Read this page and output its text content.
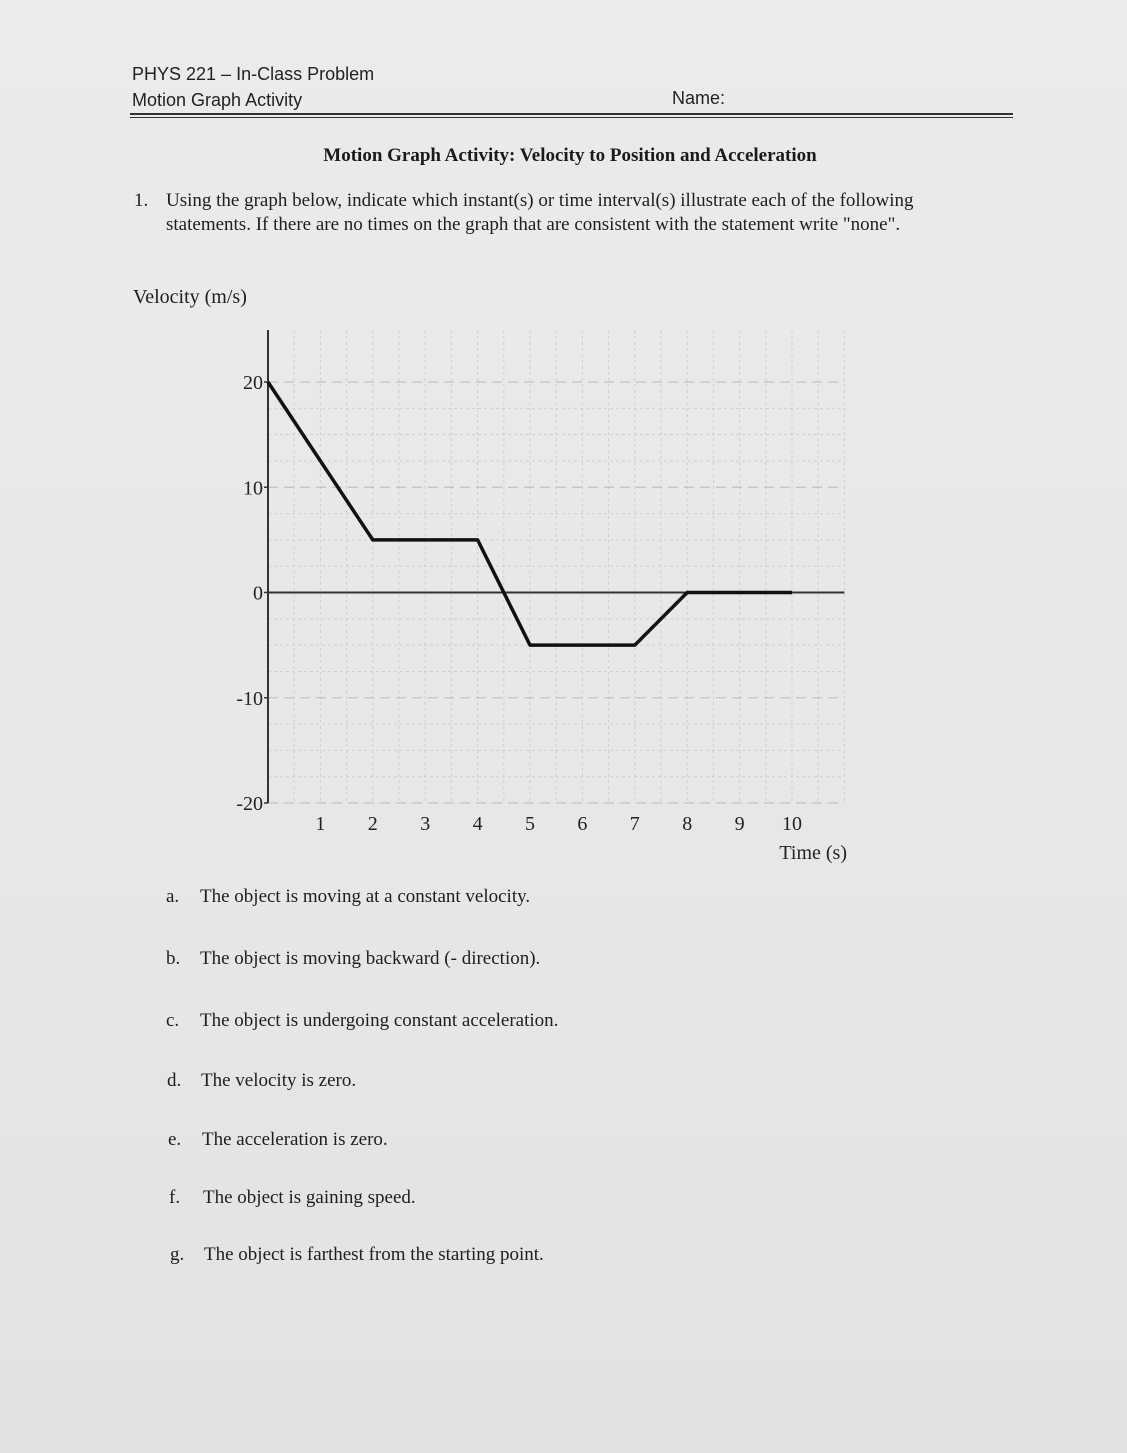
PHYS 221 – In-Class Problem
Motion Graph Activity	Name:
Motion Graph Activity: Velocity to Position and Acceleration
1. Using the graph below, indicate which instant(s) or time interval(s) illustrate each of the following statements. If there are no times on the graph that are consistent with the statement write "none".
Velocity (m/s)
20
10
0
-10
-20
1 2 3 4 5 6 7 8 9 10
Time (s)
a. The object is moving at a constant velocity.
b. The object is moving backward (- direction).
c. The object is undergoing constant acceleration.
d. The velocity is zero.
e. The acceleration is zero.
f. The object is gaining speed.
g. The object is farthest from the starting point.
